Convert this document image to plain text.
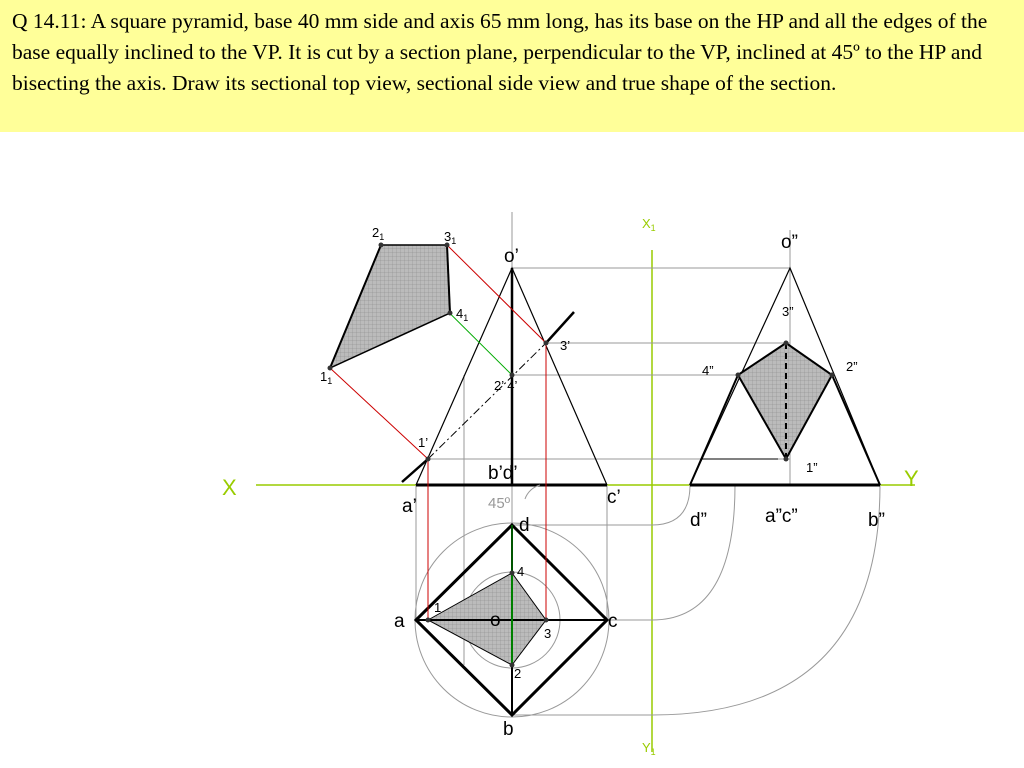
Q 14.11: A square pyramid, base 40 mm side and axis 65 mm long, has its base on the HP and all the edges of the base equally inclined to the VP. It is cut by a section plane, perpendicular to the VP, inclined at 45º to the HP and bisecting the axis. Draw its sectional top view, sectional side view and true shape of the section.
X	Y
$X_1$
$Y_1$
o’
a’
b’d’
c’
1’
2’ 4’
3’
45º
d
a	c
b
o
1
2
3
4
o”
d”	a”c”	b”
1”
2”
3”
4”
$1_1$
$2_1$	$3_1$
$4_1$
